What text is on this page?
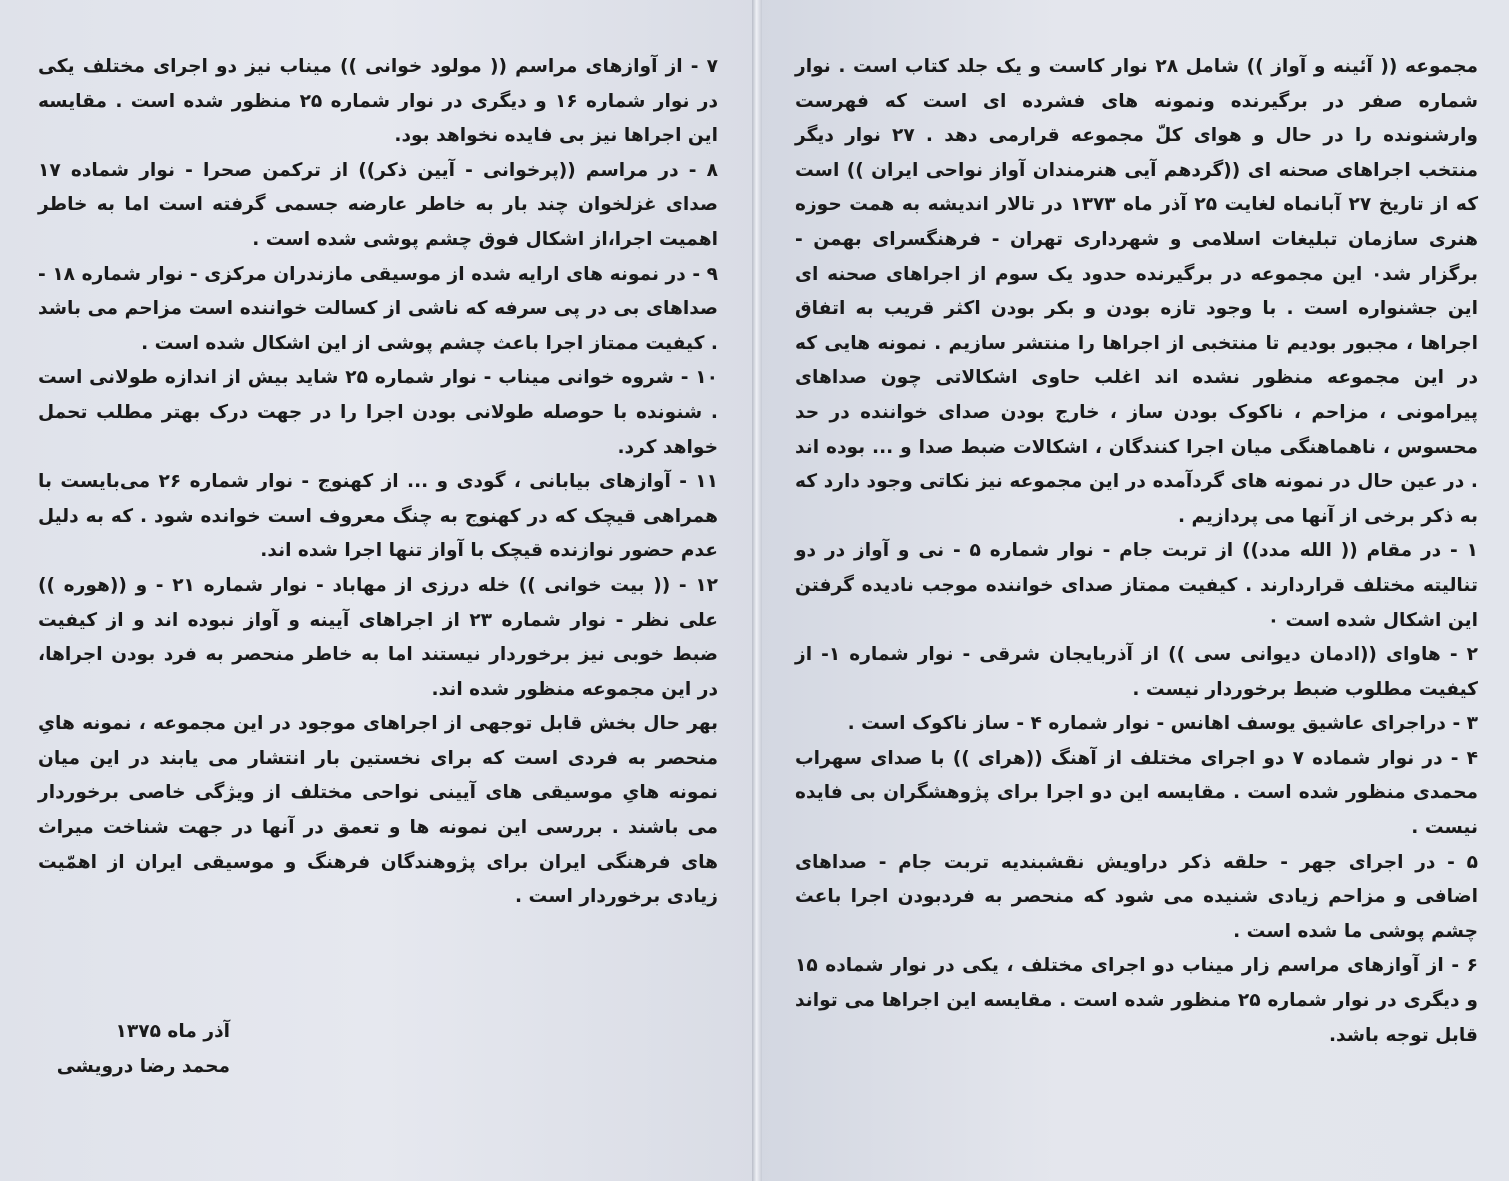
مجموعه (( آئینه و آواز )) شامل ۲۸ نوار کاست و یک جلد کتاب است . نوار شماره صفر در برگیرنده ونمونه های فشرده ای است که فهرست وارشنونده را در حال و هوای کلّ مجموعه قرارمی دهد . ۲۷ نوار دیگر منتخب اجراهای صحنه ای ((گردهم آیی هنرمندان آواز نواحی ایران )) است که از تاریخ ۲۷ آبانماه لغایت ۲۵ آذر ماه ۱۳۷۳ در تالار اندیشه به همت حوزه هنری سازمان تبلیغات اسلامی و شهرداری تهران - فرهنگسرای بهمن - برگزار شد٠ این مجموعه در برگیرنده حدود یک سوم از اجراهای صحنه ای این جشنواره است . با وجود تازه بودن و بکر بودن اکثر قریب به اتفاق اجراها ، مجبور بودیم تا منتخبی از اجراها را منتشر سازیم . نمونه هایی که در این مجموعه منظور نشده اند اغلب حاوی اشکالاتی چون صداهای پیرامونی ، مزاحم ، ناکوک بودن ساز ، خارج بودن صدای خواننده در حد محسوس ، ناهماهنگی میان اجرا کنندگان ، اشکالات ضبط صدا و ... بوده اند . در عین حال در نمونه های گردآمده در این مجموعه نیز نکاتی وجود دارد که به ذکر برخی از آنها می پردازیم .

۱ - در مقام (( الله مدد)) از تربت جام - نوار شماره ۵ - نی و آواز در دو تنالیته مختلف قراردارند . کیفیت ممتاز صدای خواننده موجب نادیده گرفتن این اشکال شده است ٠

۲ - هاوای ((ادمان دیوانی سی )) از آذربایجان شرقی - نوار شماره ۱- از کیفیت مطلوب ضبط برخوردار نیست .

۳ - دراجرای عاشیق یوسف اهانس - نوار شماره ۴ - ساز ناکوک است .

۴ - در نوار شماده ۷ دو اجرای مختلف از آهنگ ((هرای )) با صدای سهراب محمدی منظور شده است . مقایسه این دو اجرا برای پژوهشگران بی فایده نیست .

۵ - در اجرای جهر - حلقه ذکر دراویش نقشبندیه تربت جام - صداهای اضافی و مزاحم زیادی شنیده می شود که منحصر به فرد‌بودن اجرا باعث چشم پوشی ما شده است .

۶ - از آوازهای مراسم زار میناب دو اجرای مختلف ، یکی در نوار شماده ۱۵ و دیگری در نوار شماره ۲۵ منظور شده است . مقایسه این اجراها می تواند قابل توجه باشد.

۷ - از آوازهای مراسم (( مولود خوانی )) میناب نیز دو اجرای مختلف یکی در نوار شماره ۱۶ و دیگری در نوار شماره ۲۵ منظور شده است . مقایسه این اجراها نیز بی فایده نخواهد بود.

۸ - در مراسم ((پرخوانی - آیین ذکر)) از ترکمن صحرا - نوار شماده ۱۷ صدای غزلخوان چند بار به خاطر عارضه جسمی گرفته است اما به خاطر اهمیت اجرا،از اشکال فوق چشم پوشی شده است .

۹ - در نمونه های ارایه شده از موسیقی مازندران مرکزی - نوار شماره ۱۸ - صداهای بی در پی سرفه که ناشی از کسالت خواننده است مزاحم می باشد . کیفیت ممتاز اجرا باعث چشم پوشی از این اشکال شده است .

۱۰ - شروه خوانی میناب - نوار شماره ۲۵ شاید بیش از اندازه طولانی است . شنونده با حوصله طولانی بودن اجرا را در جهت درک بهتر مطلب تحمل خواهد کرد.

۱۱ - آوازهای بیابانی ، گودی و ... از کهنوج - نوار شماره ۲۶ می‌بایست با همراهی قیچک که در کهنوج به چنگ معروف است خوانده شود . که به دلیل عدم حضور نوازنده قیچک با آواز تنها اجرا شده اند.

۱۲ - (( بیت خوانی )) خله درزی از مهاباد - نوار شماره ۲۱ - و ((هوره )) علی نظر - نوار شماره ۲۳ از اجراهای آیینه و آواز نبوده اند و از کیفیت ضبط خوبی نیز برخوردار نیستند اما به خاطر منحصر به فرد بودن اجراها، در این مجموعه منظور شده اند.

بهر حال بخش قابل توجهی از اجراهای موجود در این مجموعه ، نمونه هایِ منحصر به فردی است که برای نخستین بار انتشار می یابند در این میان نمونه هایِ موسیقی های آیینی نواحی مختلف از ویژگی خاصی برخوردار می باشند . بررسی این نمونه ها و تعمق در آنها در جهت شناخت میراث های فرهنگی ایران برای پژوهندگان فرهنگ و موسیقی ایران از اهمّیت زیادی برخوردار است .

آذر ماه ۱۳۷۵
محمد رضا درویشی
